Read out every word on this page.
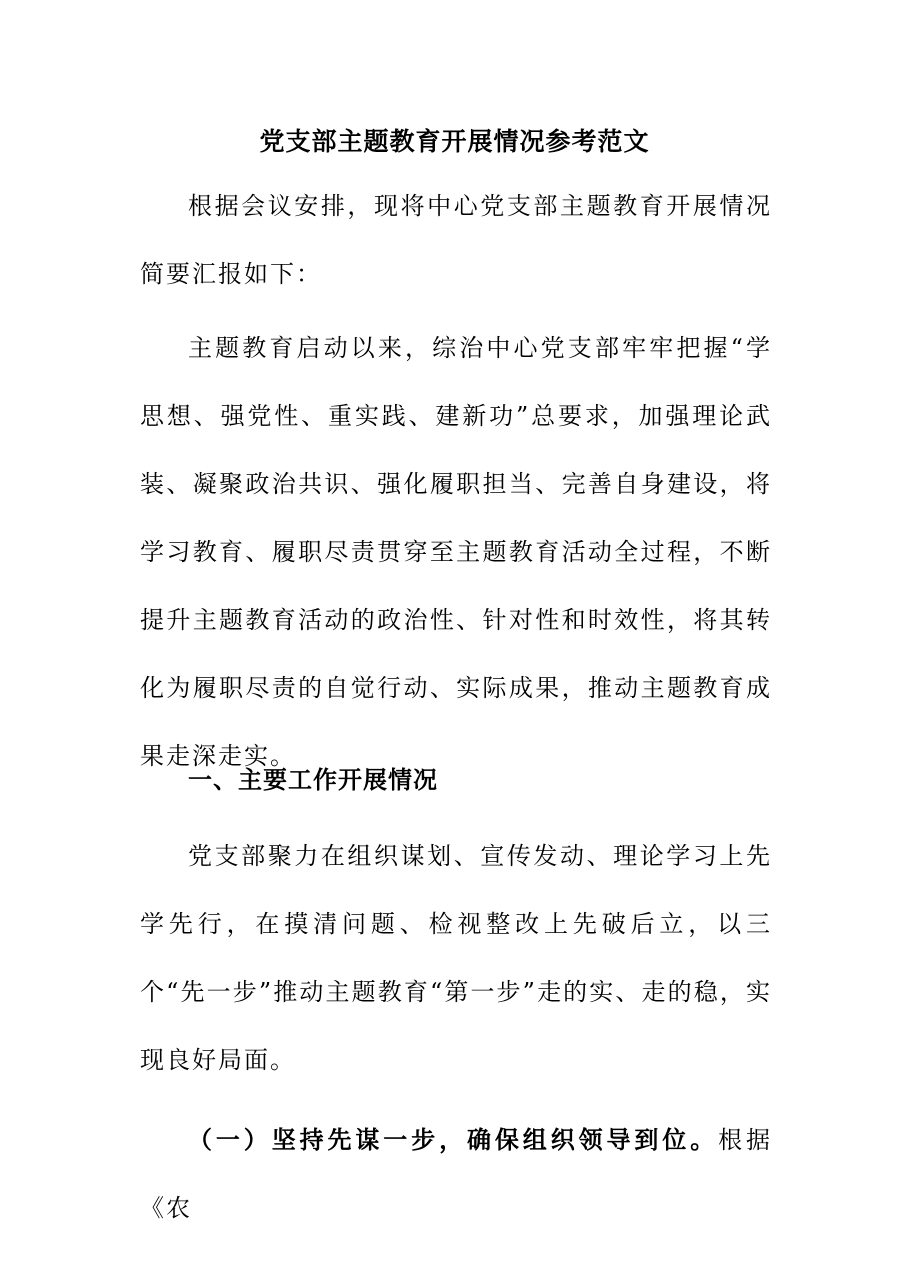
党支部主题教育开展情况参考范文
根据会议安排，现将中心党支部主题教育开展情况简要汇报如下：
主题教育启动以来，综治中心党支部牢牢把握“学思想、强党性、重实践、建新功”总要求，加强理论武装、凝聚政治共识、强化履职担当、完善自身建设，将学习教育、履职尽责贯穿至主题教育活动全过程，不断提升主题教育活动的政治性、针对性和时效性，将其转化为履职尽责的自觉行动、实际成果，推动主题教育成果走深走实。
一、主要工作开展情况
党支部聚力在组织谋划、宣传发动、理论学习上先学先行，在摸清问题、检视整改上先破后立，以三个“先一步”推动主题教育“第一步”走的实、走的稳，实现良好局面。
（一）坚持先谋一步，确保组织领导到位。根据《农
